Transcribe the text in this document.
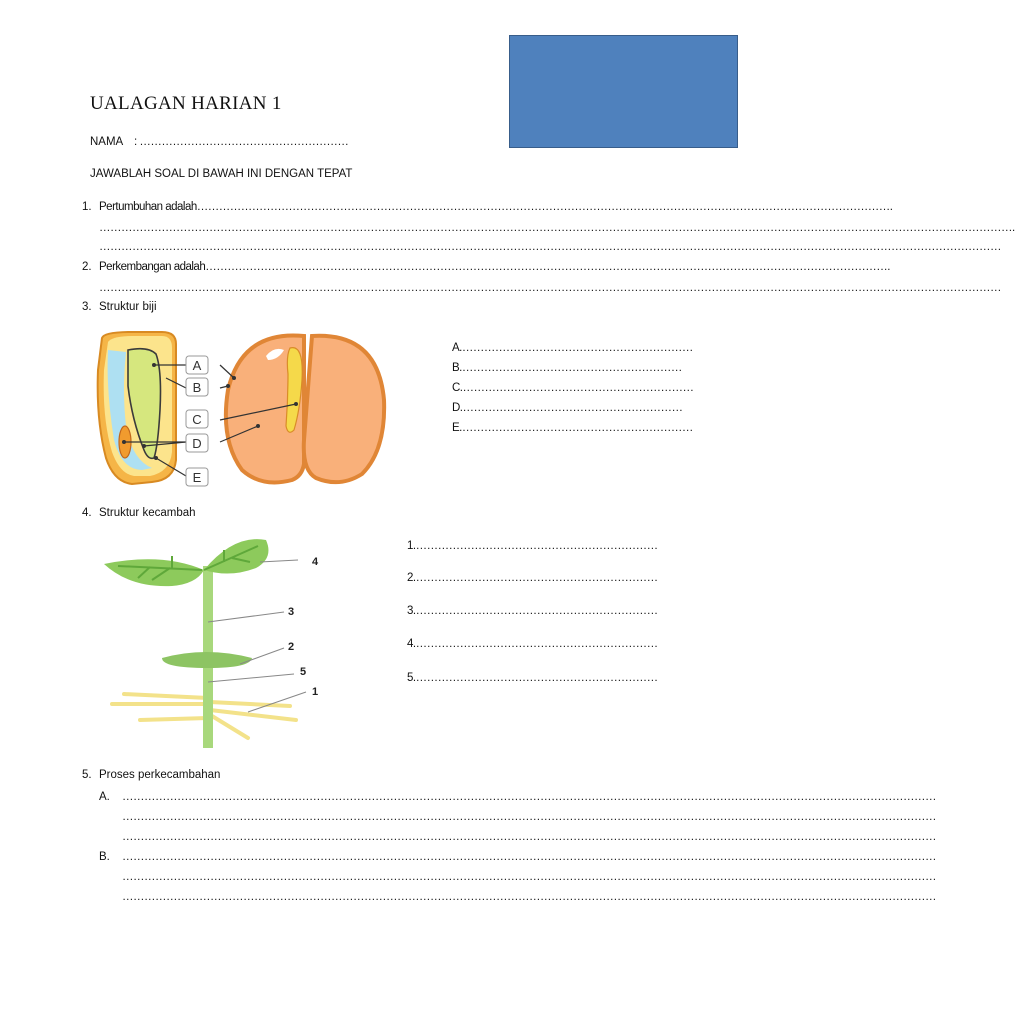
UALAGAN HARIAN 1
NAMA : …………………………………………………
JAWABLAH SOAL DI BAWAH INI DENGAN TEPAT
1. Pertumbuhan adalah……………………………………………………………………………………………………………………………………………………………………….
…………………………………………………………………………………………………………………………………………………………………………………………………………………………….
…………………………………………………………………………………………………………………………………………………………………………………………………………………………
2. Perkembangan adalah…………………………………………………………………………………………………………………………………………………………………….
…………………………………………………………………………………………………………………………………………………………………………………………………………………………
3. Struktur biji
A
B
C
D
E
A.………………………………………………………
B.……………………………………………………
C.………………………………………………………
D.……………………………………………………
E.………………………………………………………
4. Struktur kecambah
4
3
2
5
1
1.…………………………………………………………
2.…………………………………………………………
3.…………………………………………………………
4.…………………………………………………………
5.…………………………………………………………
5. Proses perkecambahan
A. ……………………………………………………………………………………………………………………………………………………………………………………………………
……………………………………………………………………………………………………………………………………………………………………………………………………
……………………………………………………………………………………………………………………………………………………………………………………………………
B. ……………………………………………………………………………………………………………………………………………………………………………………………………
……………………………………………………………………………………………………………………………………………………………………………………………………
……………………………………………………………………………………………………………………………………………………………………………………………………
